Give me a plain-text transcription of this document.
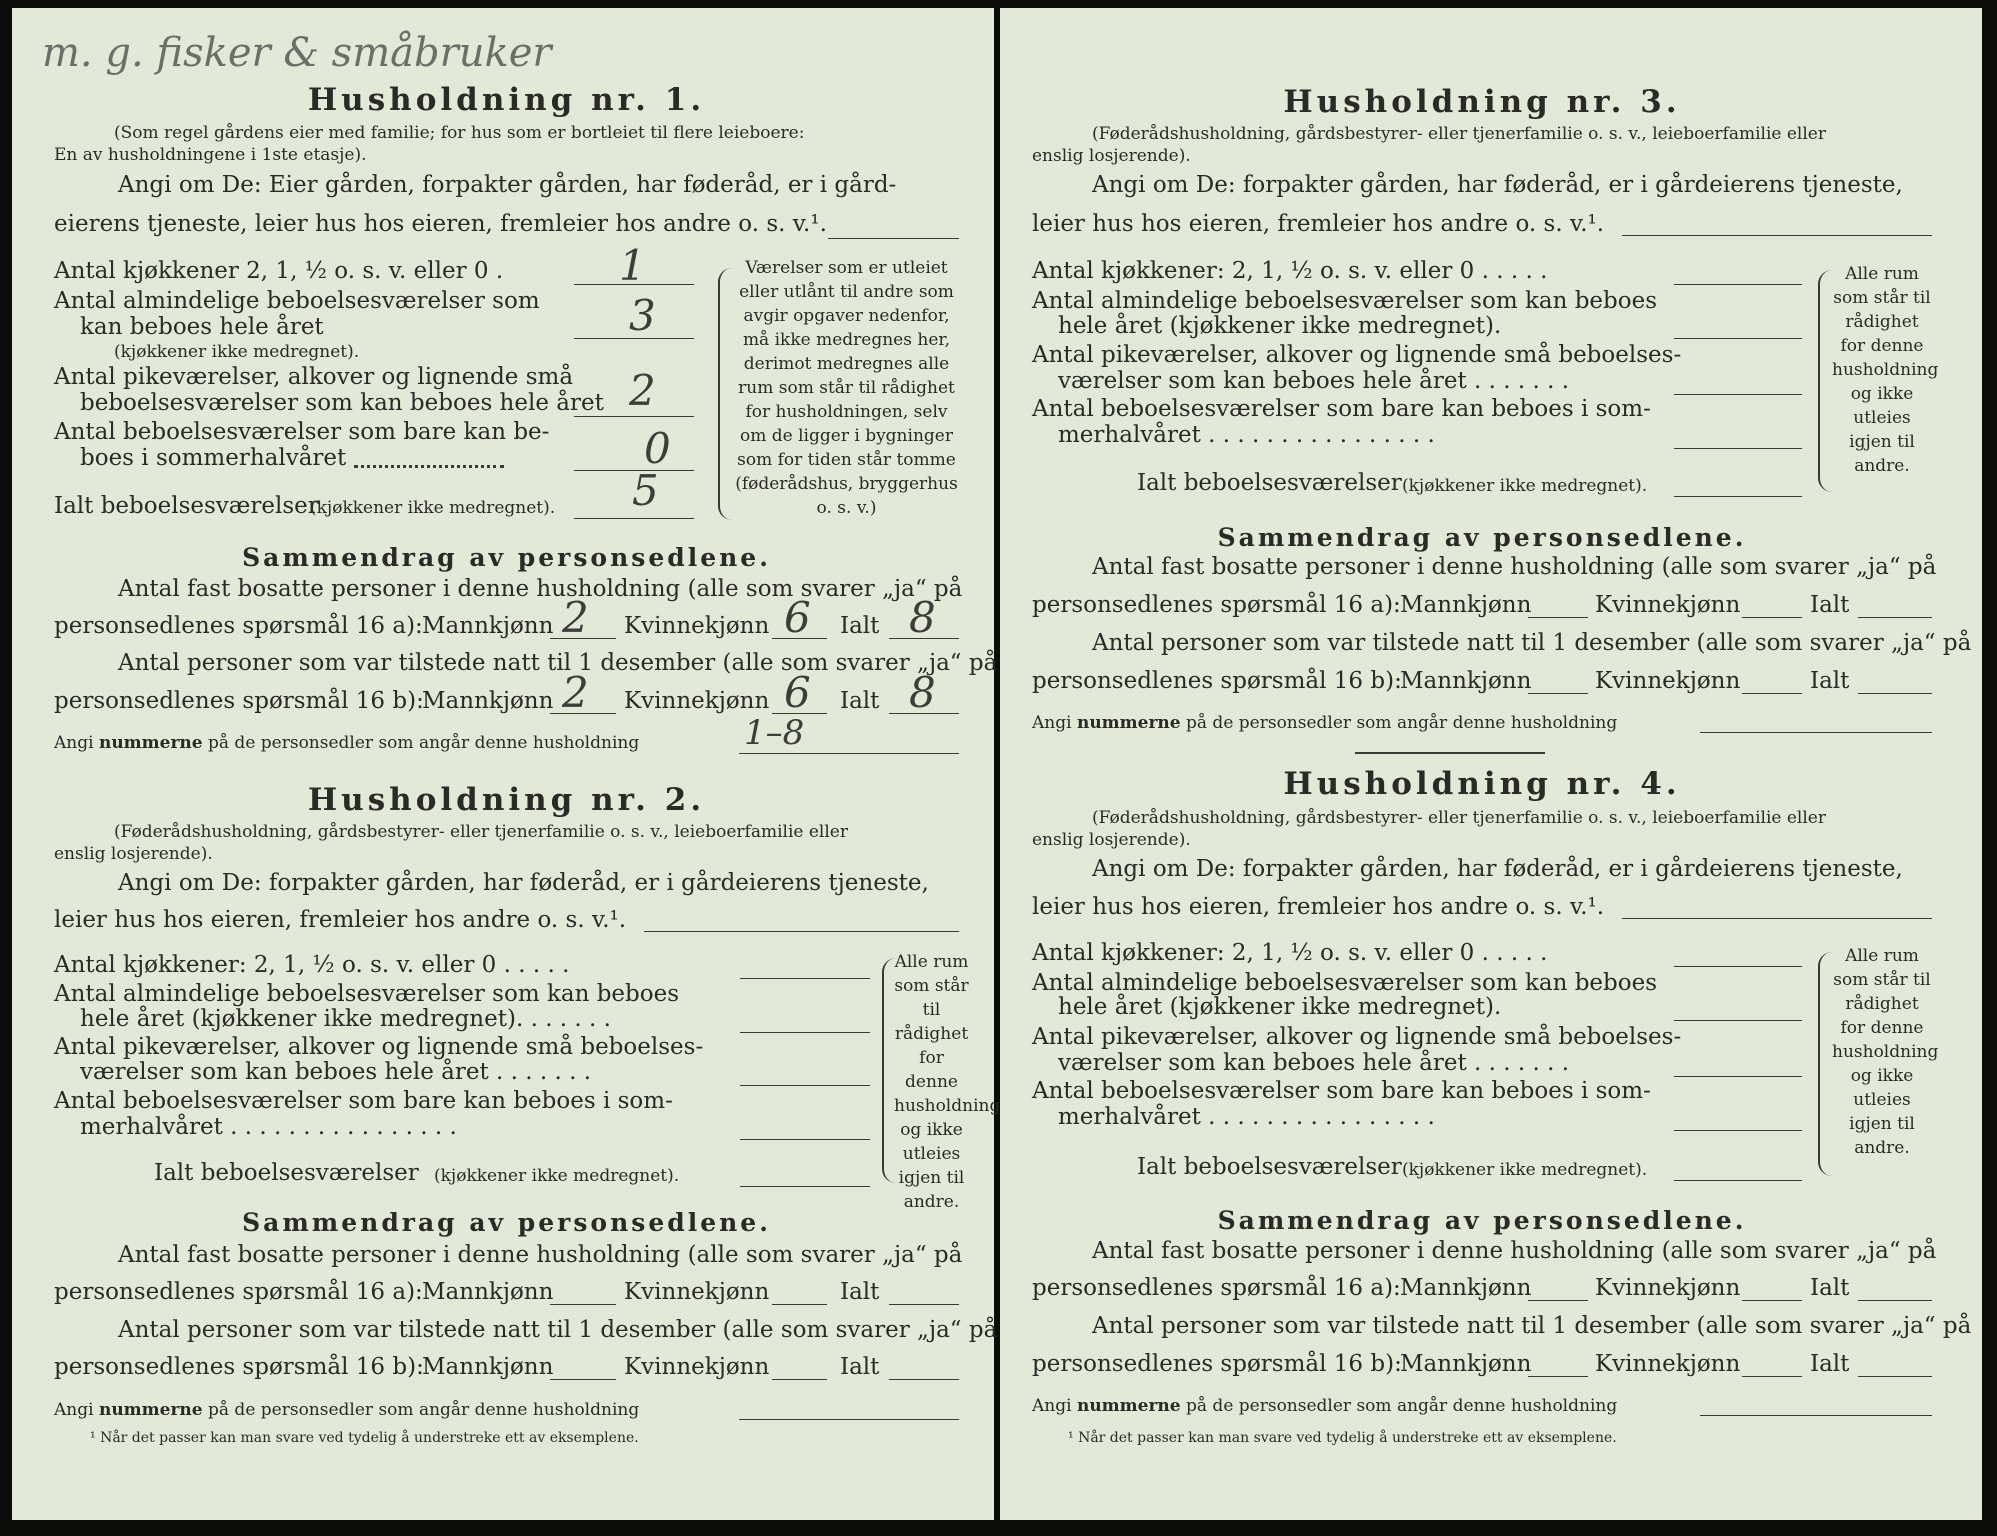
m. g. fisker & småbruker
Husholdning nr. 1.
(Som regel gårdens eier med familie; for hus som er bortleiet til flere leieboere:
En av husholdningene i 1ste etasje).
Angi om De: Eier gården, forpakter gården, har føderåd, er i gård-
eierens tjeneste, leier hus hos eieren, fremleier hos andre o. s. v.¹.
Antal kjøkkener 2, 1, ½ o. s. v. eller 0 .	1
Antal almindelige beboelsesværelser som
kan beboes hele året
(kjøkkener ikke medregnet).
3
Antal pikeværelser, alkover og lignende små
beboelsesværelser som kan beboes hele året 2
Antal beboelsesværelser som bare kan be-
boes i sommerhalvåret	0
Ialt beboelsesværelser
(kjøkkener ikke medregnet). 5
Værelser som er utleiet eller utlånt til andre som avgir opgaver nedenfor, må ikke medregnes her, derimot medregnes alle rum som står til rådighet for husholdningen, selv om de ligger i bygninger som for tiden står tomme (føderådshus, bryggerhus o. s. v.)
Sammendrag av personsedlene.
Antal fast bosatte personer i denne husholdning (alle som svarer „ja“ på
personsedlenes spørsmål 16 a): Mannkjønn 2 Kvinnekjønn 6 Ialt 8
Antal personer som var tilstede natt til 1 desember (alle som svarer „ja“ på
personsedlenes spørsmål 16 b):
Mannkjønn 2 Kvinnekjønn 6 Ialt 8
Angi nummerne på de personsedler som angår denne husholdning	1–8
Husholdning nr. 2.
(Føderådshusholdning, gårdsbestyrer- eller tjenerfamilie o. s. v., leieboerfamilie eller
enslig losjerende).
Angi om De: forpakter gården, har føderåd, er i gårdeierens tjeneste,
leier hus hos eieren, fremleier hos andre o. s. v.¹.
Antal kjøkkener: 2, 1, ½ o. s. v. eller 0 . . . . .
Antal almindelige beboelsesværelser som kan beboes
hele året (kjøkkener ikke medregnet). . . . . . .
Antal pikeværelser, alkover og lignende små beboelses-
værelser som kan beboes hele året . . . . . . .
Antal beboelsesværelser som bare kan beboes i som-
merhalvåret . . . . . . . . . . . . . . . .
Ialt beboelsesværelser (kjøkkener ikke medregnet).
Alle rum som står til rådighet for denne husholdning og ikke utleies igjen til andre.
Sammendrag av personsedlene.
Antal fast bosatte personer i denne husholdning (alle som svarer „ja“ på
personsedlenes spørsmål 16 a): Mannkjønn	Kvinnekjønn	Ialt
Antal personer som var tilstede natt til 1 desember (alle som svarer „ja“ på
personsedlenes spørsmål 16 b):
Mannkjønn	Kvinnekjønn	Ialt
Angi nummerne på de personsedler som angår denne husholdning
¹ Når det passer kan man svare ved tydelig å understreke ett av eksemplene.
Husholdning nr. 3.
(Føderådshusholdning, gårdsbestyrer- eller tjenerfamilie o. s. v., leieboerfamilie eller
enslig losjerende).
Angi om De: forpakter gården, har føderåd, er i gårdeierens tjeneste,
leier hus hos eieren, fremleier hos andre o. s. v.¹.
Antal kjøkkener: 2, 1, ½ o. s. v. eller 0 . . . . .
Antal almindelige beboelsesværelser som kan beboes
hele året (kjøkkener ikke medregnet).
Antal pikeværelser, alkover og lignende små beboelses-
værelser som kan beboes hele året . . . . . . .
Antal beboelsesværelser som bare kan beboes i som-
merhalvåret . . . . . . . . . . . . . . . .
Ialt beboelsesværelser (kjøkkener ikke medregnet).
Alle rum som står til rådighet for denne husholdning og ikke utleies igjen til andre.
Sammendrag av personsedlene.
Antal fast bosatte personer i denne husholdning (alle som svarer „ja“ på
personsedlenes spørsmål 16 a): Mannkjønn	Kvinnekjønn	Ialt
Antal personer som var tilstede natt til 1 desember (alle som svarer „ja“ på
personsedlenes spørsmål 16 b):
Mannkjønn	Kvinnekjønn	Ialt
Angi nummerne på de personsedler som angår denne husholdning
Husholdning nr. 4.
(Føderådshusholdning, gårdsbestyrer- eller tjenerfamilie o. s. v., leieboerfamilie eller
enslig losjerende).
Angi om De: forpakter gården, har føderåd, er i gårdeierens tjeneste,
leier hus hos eieren, fremleier hos andre o. s. v.¹.
Antal kjøkkener: 2, 1, ½ o. s. v. eller 0 . . . . .
Antal almindelige beboelsesværelser som kan beboes
hele året (kjøkkener ikke medregnet).
Antal pikeværelser, alkover og lignende små beboelses-
værelser som kan beboes hele året . . . . . . .
Antal beboelsesværelser som bare kan beboes i som-
merhalvåret . . . . . . . . . . . . . . . .
Ialt beboelsesværelser (kjøkkener ikke medregnet).
Alle rum som står til rådighet for denne husholdning og ikke utleies igjen til andre.
Sammendrag av personsedlene.
Antal fast bosatte personer i denne husholdning (alle som svarer „ja“ på
personsedlenes spørsmål 16 a): Mannkjønn	Kvinnekjønn	Ialt
Antal personer som var tilstede natt til 1 desember (alle som svarer „ja“ på
personsedlenes spørsmål 16 b):
Mannkjønn	Kvinnekjønn	Ialt
Angi nummerne på de personsedler som angår denne husholdning
¹ Når det passer kan man svare ved tydelig å understreke ett av eksemplene.
